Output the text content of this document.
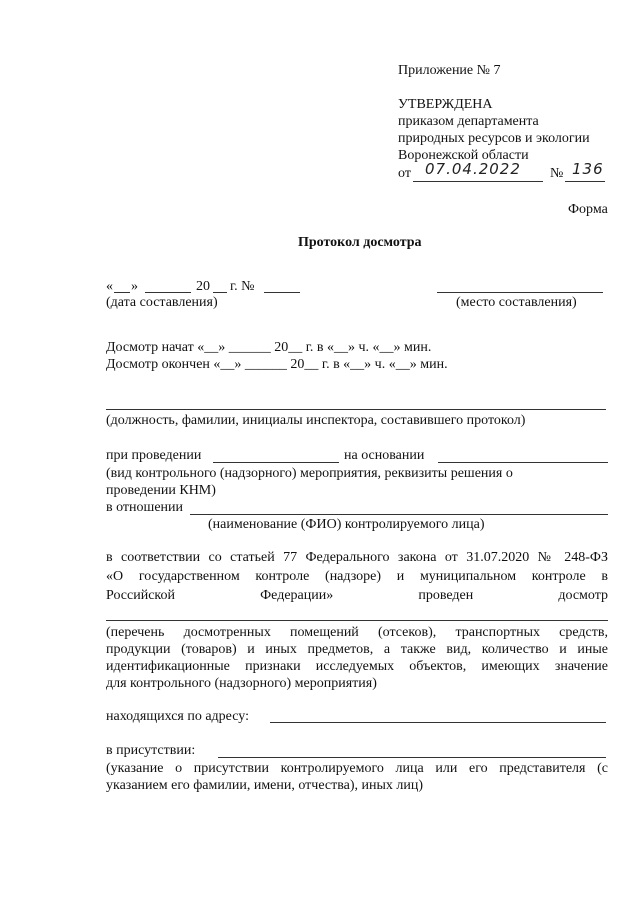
Приложение № 7
УТВЕРЖДЕНА
приказом департамента
природных ресурсов и экологии
Воронежской области
от 07.04.2022 № 136
Форма
Протокол досмотра
« »	20 г. №
(дата составления)	(место составления)
Досмотр начат «__» ______ 20__ г. в «__» ч. «__» мин.
Досмотр окончен «__» ______ 20__ г. в «__» ч. «__» мин.
(должность, фамилии, инициалы инспектора, составившего протокол)
при проведении	на основании
(вид контрольного (надзорного) мероприятия, реквизиты решения о
проведении КНМ)
в отношении
(наименование (ФИО) контролируемого лица)
в соответствии со статьей 77 Федерального закона от 31.07.2020 № 248-ФЗ
«О государственном контроле (надзоре) и муниципальном контроле в
Российской Федерации» проведен досмотр
(перечень досмотренных помещений (отсеков), транспортных средств,
продукции (товаров) и иных предметов, а также вид, количество и иные
идентификационные признаки исследуемых объектов, имеющих значение
для контрольного (надзорного) мероприятия)
находящихся по адресу:
в присутствии:
(указание о присутствии контролируемого лица или его представителя (с
указанием его фамилии, имени, отчества), иных лиц)
